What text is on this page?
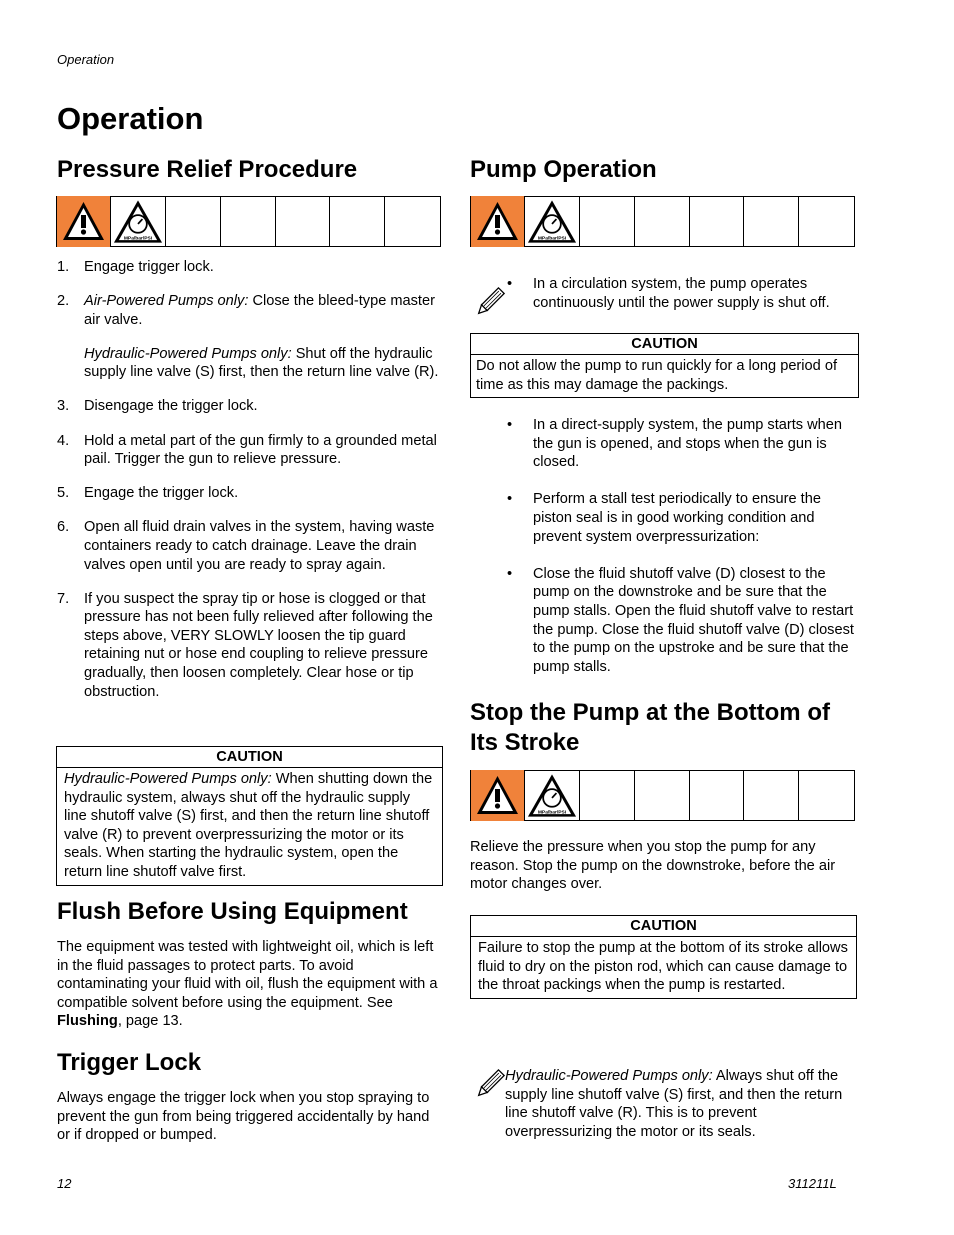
Operation
Operation
Pressure Relief Procedure
MPa/bar/PSI
1. Engage trigger lock.
2. Air-Powered Pumps only: Close the bleed-type master air valve.
Hydraulic-Powered Pumps only: Shut off the hydraulic supply line valve (S) first, then the return line valve (R).
3. Disengage the trigger lock.
4. Hold a metal part of the gun firmly to a grounded metal pail. Trigger the gun to relieve pressure.
5. Engage the trigger lock.
6. Open all fluid drain valves in the system, having waste containers ready to catch drainage. Leave the drain valves open until you are ready to spray again.
7. If you suspect the spray tip or hose is clogged or that pressure has not been fully relieved after following the steps above, VERY SLOWLY loosen the tip guard retaining nut or hose end coupling to relieve pressure gradually, then loosen completely. Clear hose or tip obstruction.
CAUTION
Hydraulic-Powered Pumps only: When shutting down the hydraulic system, always shut off the hydraulic supply line shutoff valve (S) first, and then the return line shutoff valve (R) to prevent overpressurizing the motor or its seals. When starting the hydraulic system, open the return line shutoff valve first.
Flush Before Using Equipment
The equipment was tested with lightweight oil, which is left in the fluid passages to protect parts. To avoid contaminating your fluid with oil, flush the equipment with a compatible solvent before using the equipment. See Flushing, page 13.
Trigger Lock
Always engage the trigger lock when you stop spraying to prevent the gun from being triggered accidentally by hand or if dropped or bumped.
Pump Operation
MPa/bar/PSI
• In a circulation system, the pump operates continuously until the power supply is shut off.
CAUTION
Do not allow the pump to run quickly for a long period of time as this may damage the packings.
• In a direct-supply system, the pump starts when the gun is opened, and stops when the gun is closed.
• Perform a stall test periodically to ensure the piston seal is in good working condition and prevent system overpressurization:
• Close the fluid shutoff valve (D) closest to the pump on the downstroke and be sure that the pump stalls. Open the fluid shutoff valve to restart the pump. Close the fluid shutoff valve (D) closest to the pump on the upstroke and be sure that the pump stalls.
Stop the Pump at the Bottom of Its Stroke
MPa/bar/PSI
Relieve the pressure when you stop the pump for any reason. Stop the pump on the downstroke, before the air motor changes over.
CAUTION
Failure to stop the pump at the bottom of its stroke allows fluid to dry on the piston rod, which can cause damage to the throat packings when the pump is restarted.
Hydraulic-Powered Pumps only: Always shut off the supply line shutoff valve (S) first, and then the return line shutoff valve (R). This is to prevent overpressurizing the motor or its seals.
12	311211L
